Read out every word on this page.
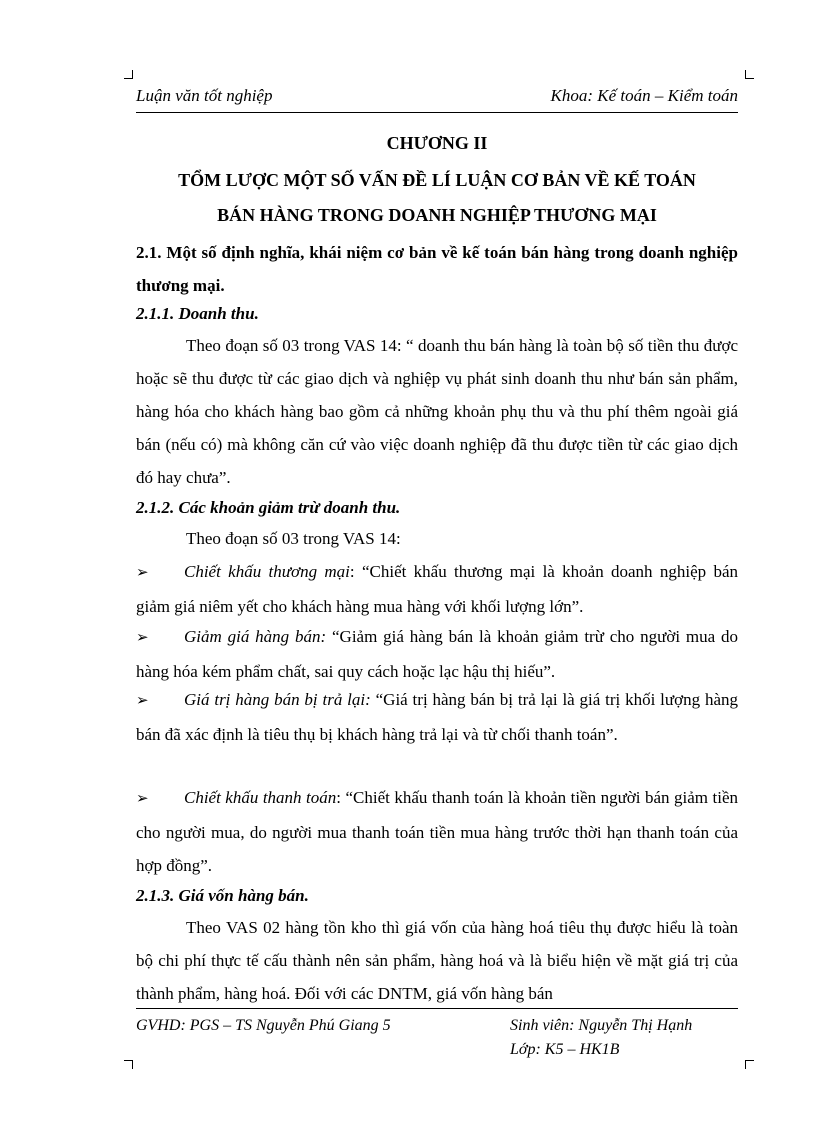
Luận văn tốt nghiệp	Khoa: Kế toán – Kiểm toán
CHƯƠNG II
TỔM LƯỢC MỘT SỐ VẤN ĐỀ LÍ LUẬN CƠ BẢN VỀ KẾ TOÁN
BÁN HÀNG TRONG DOANH NGHIỆP THƯƠNG MẠI
2.1. Một số định nghĩa, khái niệm cơ bản về kế toán bán hàng trong doanh nghiệp thương mại.
2.1.1. Doanh thu.
Theo đoạn số 03 trong VAS 14: “ doanh thu bán hàng là toàn bộ số tiền thu được hoặc sẽ thu được từ các giao dịch và nghiệp vụ phát sinh doanh thu như bán sản phẩm, hàng hóa cho khách hàng bao gồm cả những khoản phụ thu và thu phí thêm ngoài giá bán (nếu có) mà không căn cứ vào việc doanh nghiệp đã thu được tiền từ các giao dịch đó hay chưa”.
2.1.2. Các khoản giảm trừ doanh thu.
Theo đoạn số 03 trong VAS 14:
➢ Chiết khấu thương mại: “Chiết khấu thương mại là khoản doanh nghiệp bán giảm giá niêm yết cho khách hàng mua hàng với khối lượng lớn”.
➢ Giảm giá hàng bán: “Giảm giá hàng bán là khoản giảm trừ cho người mua do hàng hóa kém phẩm chất, sai quy cách hoặc lạc hậu thị hiếu”.
➢ Giá trị hàng bán bị trả lại: “Giá trị hàng bán bị trả lại là giá trị khối lượng hàng bán đã xác định là tiêu thụ bị khách hàng trả lại và từ chối thanh toán”.
➢ Chiết khấu thanh toán: “Chiết khấu thanh toán là khoản tiền người bán giảm tiền cho người mua, do người mua thanh toán tiền mua hàng trước thời hạn thanh toán của hợp đồng”.
2.1.3. Giá vốn hàng bán.
Theo VAS 02 hàng tồn kho thì giá vốn của hàng hoá tiêu thụ được hiểu là toàn bộ chi phí thực tế cấu thành nên sản phẩm, hàng hoá và là biểu hiện về mặt giá trị của thành phẩm, hàng hoá. Đối với các DNTM, giá vốn hàng bán
GVHD: PGS – TS Nguyễn Phú Giang 5	Sinh viên: Nguyễn Thị Hạnh
Lớp: K5 – HK1B
